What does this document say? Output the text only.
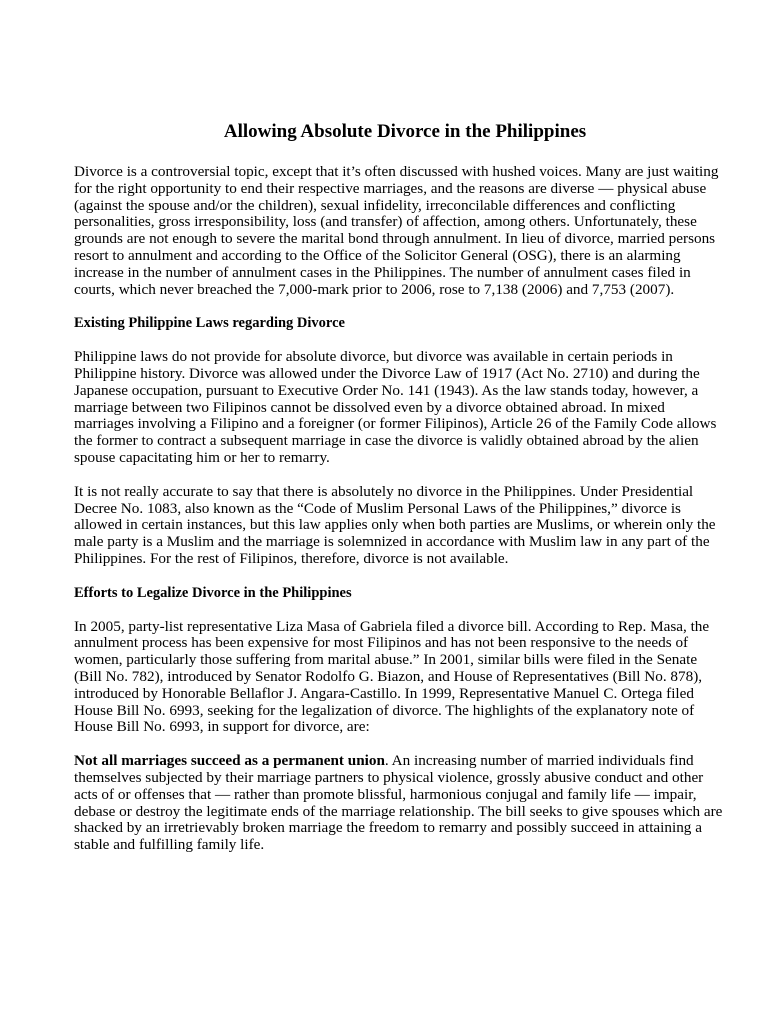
Allowing Absolute Divorce in the Philippines

Divorce is a controversial topic, except that it’s often discussed with hushed voices. Many are just waiting for the right opportunity to end their respective marriages, and the reasons are diverse — physical abuse (against the spouse and/or the children), sexual infidelity, irreconcilable differences and conflicting personalities, gross irresponsibility, loss (and transfer) of affection, among others. Unfortunately, these grounds are not enough to severe the marital bond through annulment. In lieu of divorce, married persons resort to annulment and according to the Office of the Solicitor General (OSG), there is an alarming increase in the number of annulment cases in the Philippines. The number of annulment cases filed in courts, which never breached the 7,000-mark prior to 2006, rose to 7,138 (2006) and 7,753 (2007).

Existing Philippine Laws regarding Divorce

Philippine laws do not provide for absolute divorce, but divorce was available in certain periods in Philippine history. Divorce was allowed under the Divorce Law of 1917 (Act No. 2710) and during the Japanese occupation, pursuant to Executive Order No. 141 (1943). As the law stands today, however, a marriage between two Filipinos cannot be dissolved even by a divorce obtained abroad. In mixed marriages involving a Filipino and a foreigner (or former Filipinos), Article 26 of the Family Code allows the former to contract a subsequent marriage in case the divorce is validly obtained abroad by the alien spouse capacitating him or her to remarry.

It is not really accurate to say that there is absolutely no divorce in the Philippines. Under Presidential Decree No. 1083, also known as the “Code of Muslim Personal Laws of the Philippines,” divorce is allowed in certain instances, but this law applies only when both parties are Muslims, or wherein only the male party is a Muslim and the marriage is solemnized in accordance with Muslim law in any part of the Philippines. For the rest of Filipinos, therefore, divorce is not available.

Efforts to Legalize Divorce in the Philippines

In 2005, party-list representative Liza Masa of Gabriela filed a divorce bill. According to Rep. Masa, the annulment process has been expensive for most Filipinos and has not been responsive to the needs of women, particularly those suffering from marital abuse.” In 2001, similar bills were filed in the Senate (Bill No. 782), introduced by Senator Rodolfo G. Biazon, and House of Representatives (Bill No. 878), introduced by Honorable Bellaflor J. Angara-Castillo. In 1999, Representative Manuel C. Ortega filed House Bill No. 6993, seeking for the legalization of divorce. The highlights of the explanatory note of House Bill No. 6993, in support for divorce, are:

Not all marriages succeed as a permanent union. An increasing number of married individuals find themselves subjected by their marriage partners to physical violence, grossly abusive conduct and other acts of or offenses that — rather than promote blissful, harmonious conjugal and family life — impair, debase or destroy the legitimate ends of the marriage relationship. The bill seeks to give spouses which are shacked by an irretrievably broken marriage the freedom to remarry and possibly succeed in attaining a stable and fulfilling family life.
